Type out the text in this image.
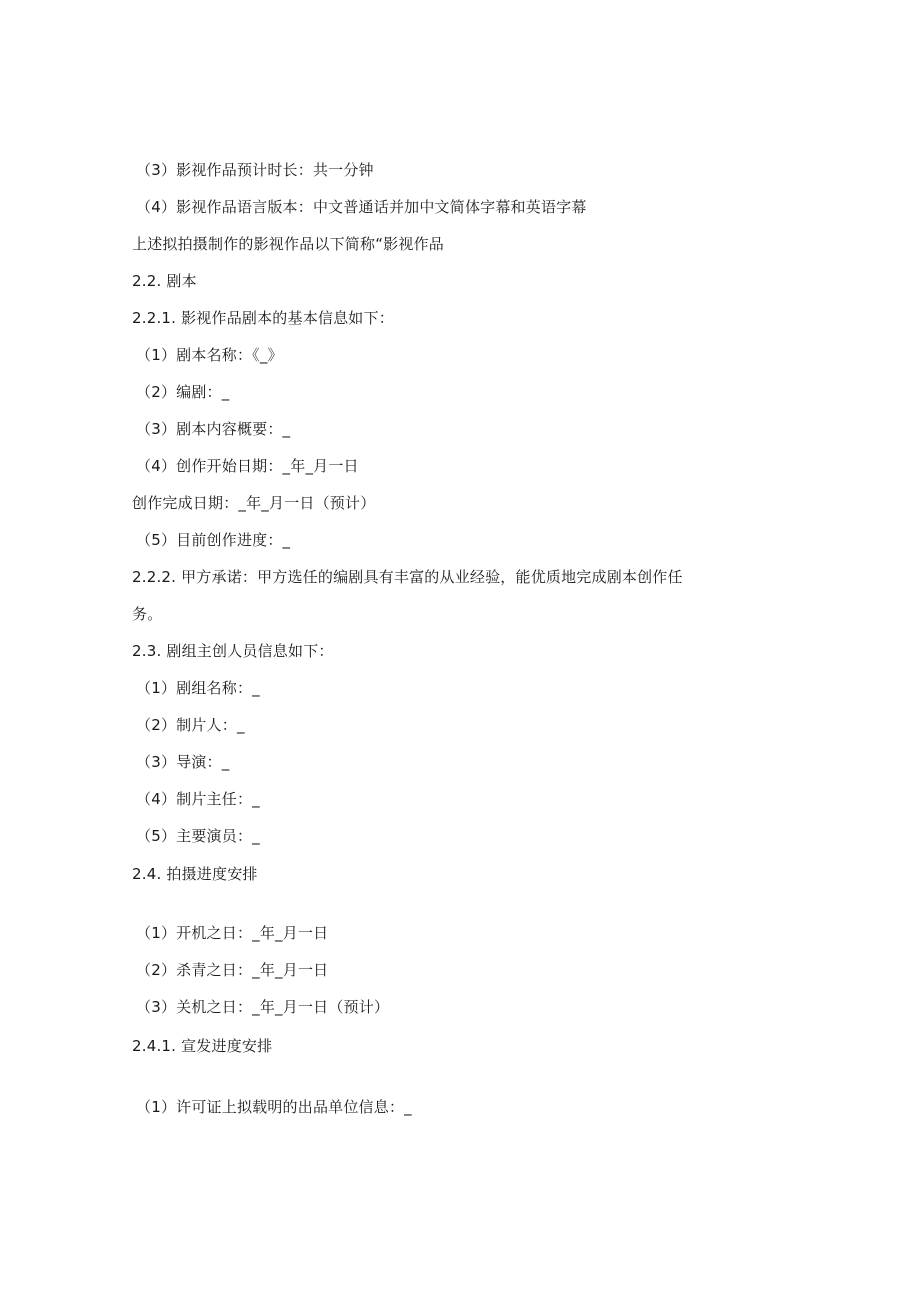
（3）影视作品预计时长：共一分钟
（4）影视作品语言版本：中文普通话并加中文简体字幕和英语字幕
上述拟拍摄制作的影视作品以下简称“影视作品
2.2. 剧本
2.2.1. 影视作品剧本的基本信息如下：
（1）剧本名称：《_》
（2）编剧：_
（3）剧本内容概要：_
（4）创作开始日期：_年_月一日
创作完成日期：_年_月一日（预计）
（5）目前创作进度：_
2.2.2. 甲方承诺：甲方选任的编剧具有丰富的从业经验，能优质地完成剧本创作任
务。
2.3. 剧组主创人员信息如下：
（1）剧组名称：_
（2）制片人：_
（3）导演：_
（4）制片主任：_
（5）主要演员：_
2.4. 拍摄进度安排
（1）开机之日：_年_月一日
（2）杀青之日：_年_月一日
（3）关机之日：_年_月一日（预计）
2.4.1. 宣发进度安排
（1）许可证上拟载明的出品单位信息：_
